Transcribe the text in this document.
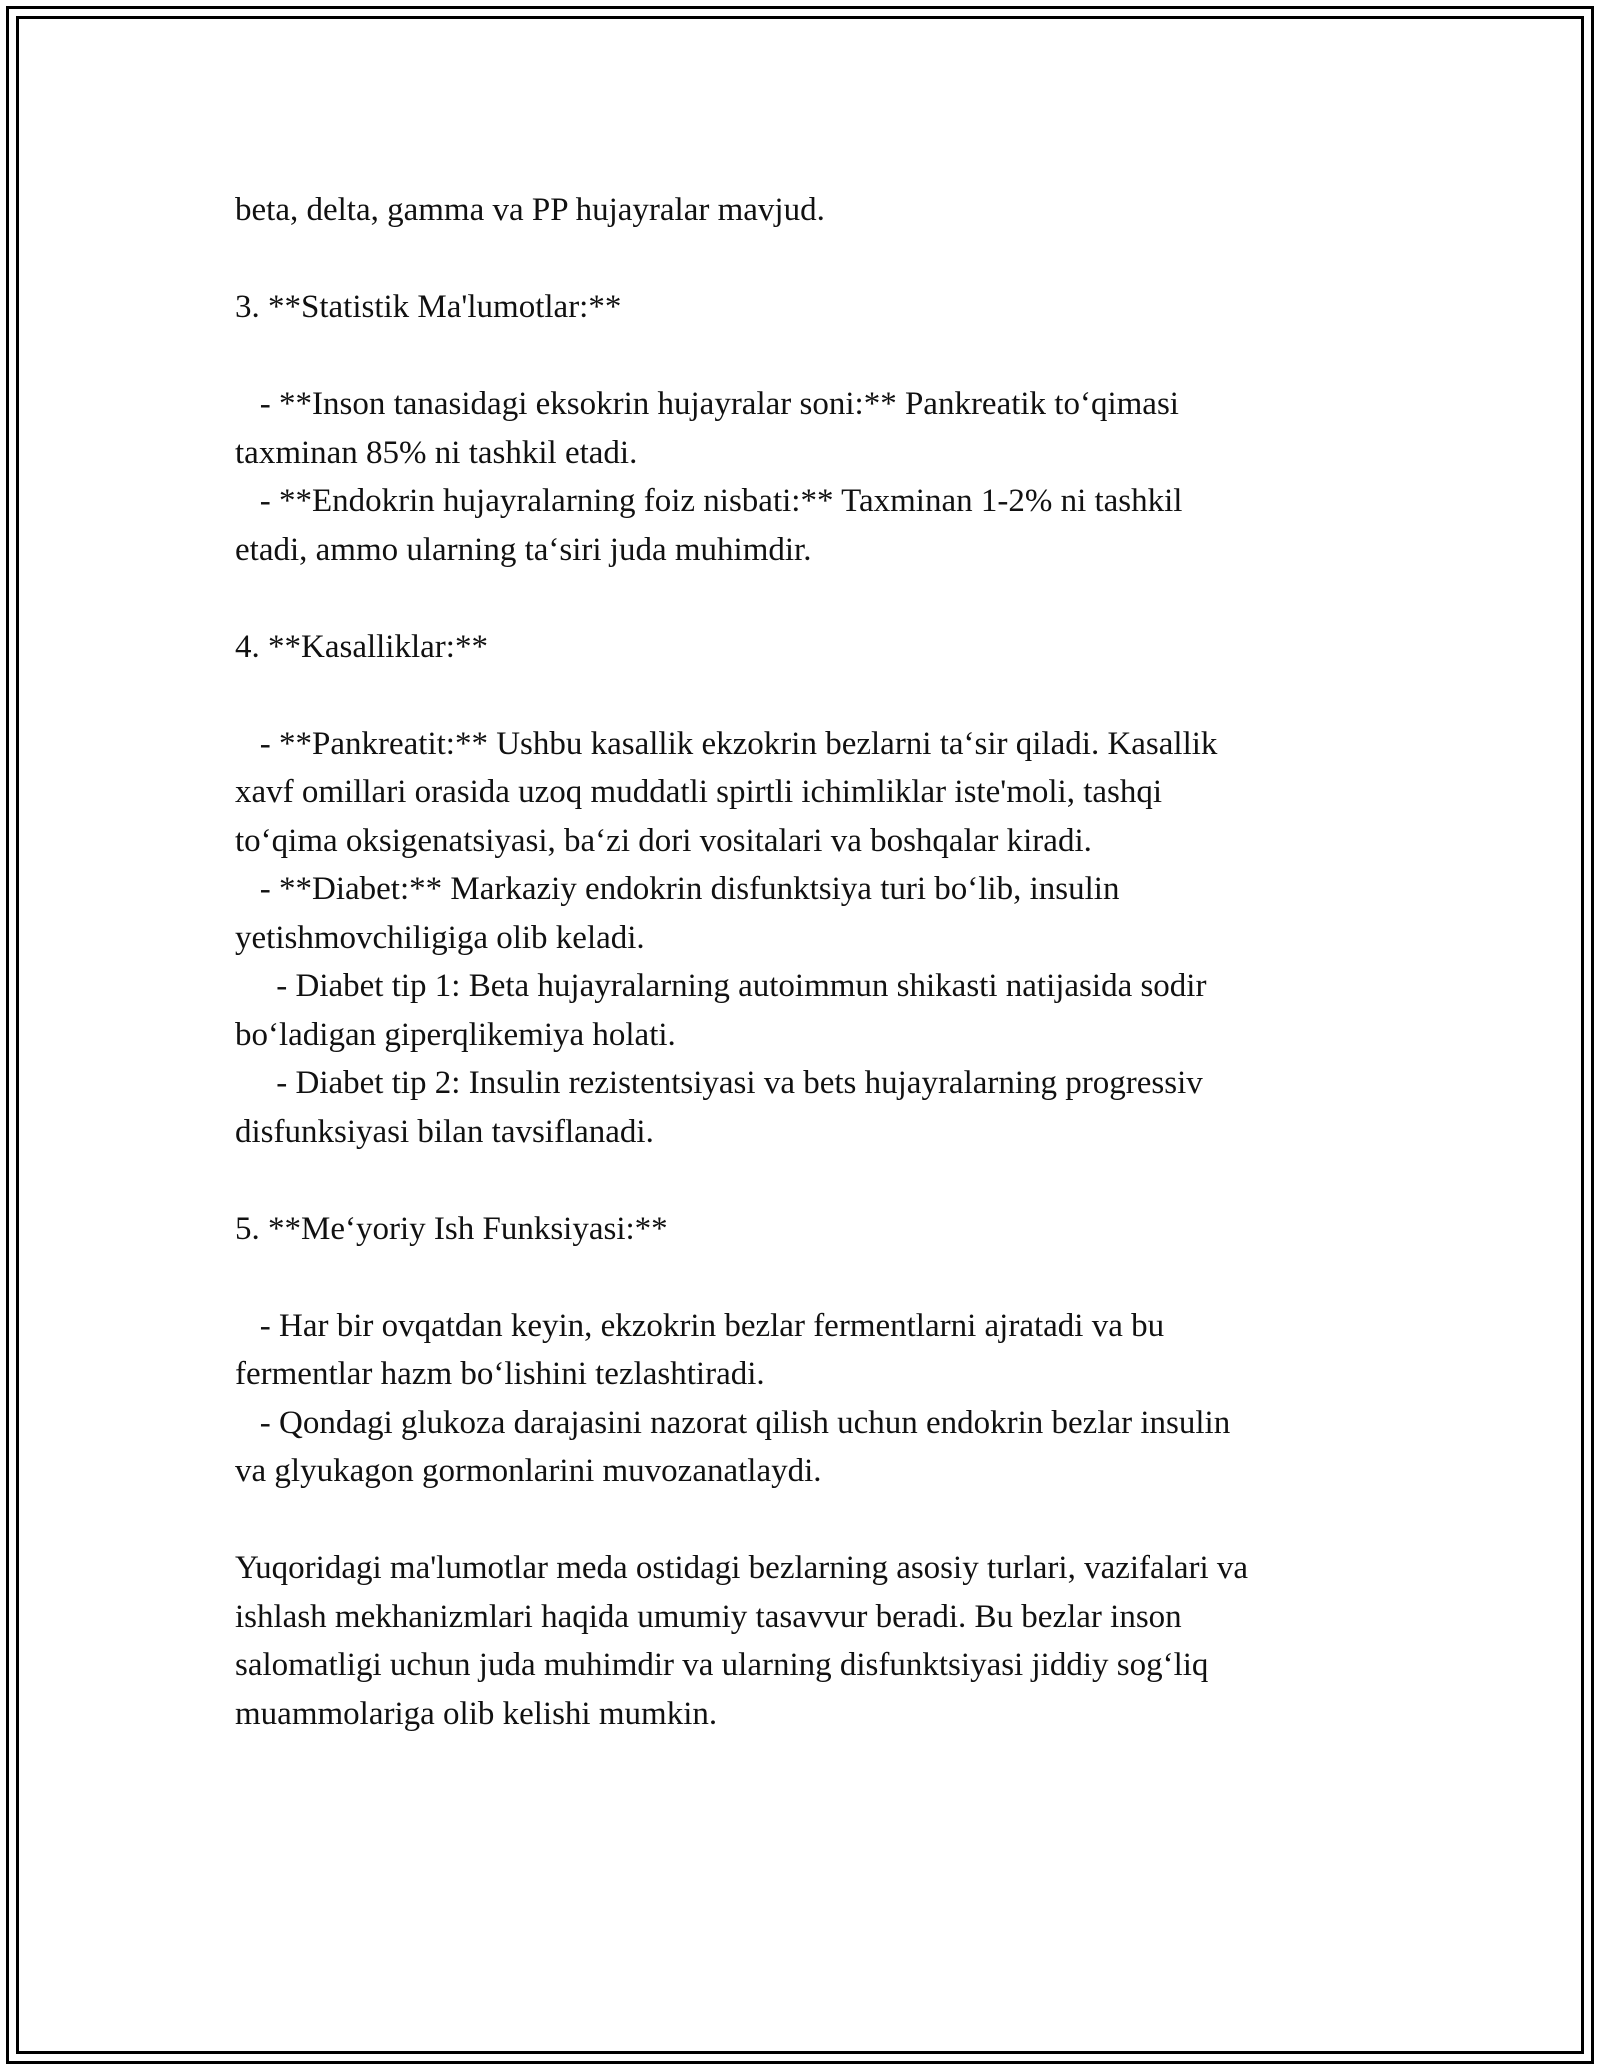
beta, delta, gamma va PP hujayralar mavjud.
3. **Statistik Ma'lumotlar:**
- **Inson tanasidagi eksokrin hujayralar soni:** Pankreatik to‘qimasi
taxminan 85% ni tashkil etadi.
- **Endokrin hujayralarning foiz nisbati:** Taxminan 1-2% ni tashkil
etadi, ammo ularning ta‘siri juda muhimdir.
4. **Kasalliklar:**
- **Pankreatit:** Ushbu kasallik ekzokrin bezlarni ta‘sir qiladi. Kasallik
xavf omillari orasida uzoq muddatli spirtli ichimliklar iste'moli, tashqi
to‘qima oksigenatsiyasi, ba‘zi dori vositalari va boshqalar kiradi.
- **Diabet:** Markaziy endokrin disfunktsiya turi bo‘lib, insulin
yetishmovchiligiga olib keladi.
- Diabet tip 1: Beta hujayralarning autoimmun shikasti natijasida sodir
bo‘ladigan giperqlikemiya holati.
- Diabet tip 2: Insulin rezistentsiyasi va bets hujayralarning progressiv
disfunksiyasi bilan tavsiflanadi.
5. **Me‘yoriy Ish Funksiyasi:**
- Har bir ovqatdan keyin, ekzokrin bezlar fermentlarni ajratadi va bu
fermentlar hazm bo‘lishini tezlashtiradi.
- Qondagi glukoza darajasini nazorat qilish uchun endokrin bezlar insulin
va glyukagon gormonlarini muvozanatlaydi.
Yuqoridagi ma'lumotlar meda ostidagi bezlarning asosiy turlari, vazifalari va
ishlash mekhanizmlari haqida umumiy tasavvur beradi. Bu bezlar inson
salomatligi uchun juda muhimdir va ularning disfunktsiyasi jiddiy sog‘liq
muammolariga olib kelishi mumkin.
